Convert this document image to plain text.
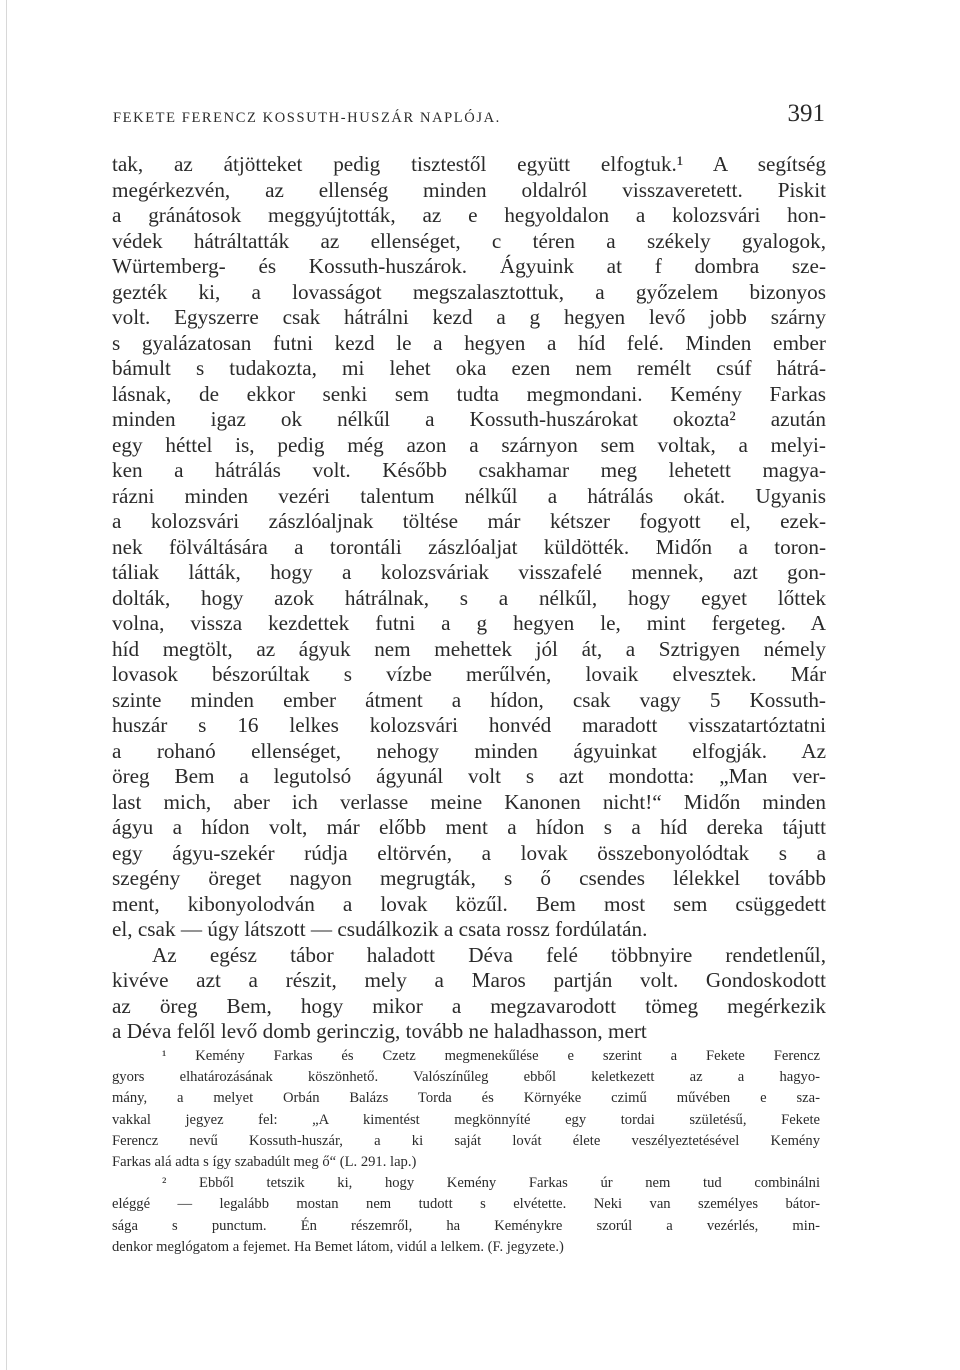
FEKETE FERENCZ KOSSUTH-HUSZÁR NAPLÓJA.	391
tak, az átjötteket pedig tisztestől együtt elfogtuk.¹ A segítség
megérkezvén, az ellenség minden oldalról visszaveretett. Piskit
a gránátosok meggyújtották, az e hegyoldalon a kolozsvári hon-
védek hátráltatták az ellenséget, c téren a székely gyalogok,
Würtemberg- és Kossuth-huszárok. Ágyuink at f dombra sze-
gezték ki, a lovasságot megszalasztottuk, a győzelem bizonyos
volt. Egyszerre csak hátrálni kezd a g hegyen levő jobb szárny
s gyalázatosan futni kezd le a hegyen a híd felé. Minden ember
bámult s tudakozta, mi lehet oka ezen nem remélt csúf hátrá-
lásnak, de ekkor senki sem tudta megmondani. Kemény Farkas
minden igaz ok nélkűl a Kossuth-huszárokat okozta² azután
egy héttel is, pedig még azon a szárnyon sem voltak, a melyi-
ken a hátrálás volt. Később csakhamar meg lehetett magya-
rázni minden vezéri talentum nélkűl a hátrálás okát. Ugyanis
a kolozsvári zászlóaljnak töltése már kétszer fogyott el, ezek-
nek fölváltására a torontáli zászlóaljat küldötték. Midőn a toron-
táliak látták, hogy a kolozsváriak visszafelé mennek, azt gon-
dolták, hogy azok hátrálnak, s a nélkűl, hogy egyet lőttek
volna, vissza kezdettek futni a g hegyen le, mint fergeteg. A
híd megtölt, az ágyuk nem mehettek jól át, a Sztrigyen némely
lovasok bészorúltak s vízbe merűlvén, lovaik elvesztek. Már
szinte minden ember átment a hídon, csak vagy 5 Kossuth-
huszár s 16 lelkes kolozsvári honvéd maradott visszatartóztatni
a rohanó ellenséget, nehogy minden ágyuinkat elfogják. Az
öreg Bem a legutolsó ágyunál volt s azt mondotta: „Man ver-
last mich, aber ich verlasse meine Kanonen nicht!“ Midőn minden
ágyu a hídon volt, már előbb ment a hídon s a híd dereka tájutt
egy ágyu-szekér rúdja eltörvén, a lovak összebonyolódtak s a
szegény öreget nagyon megrugták, s ő csendes lélekkel tovább
ment, kibonyolodván a lovak közűl. Bem most sem csüggedett
el, csak — úgy látszott — csudálkozik a csata rossz fordúlatán.
Az egész tábor haladott Déva felé többnyire rendetlenűl,
kivéve azt a részit, mely a Maros partján volt. Gondoskodott
az öreg Bem, hogy mikor a megzavarodott tömeg megérkezik
a Déva felől levő domb gerinczig, tovább ne haladhasson, mert
¹ Kemény Farkas és Czetz megmenekűlése e szerint a Fekete Ferencz
gyors elhatározásának köszönhető. Valószínűleg ebből keletkezett az a hagyo-
mány, a melyet Orbán Balázs Torda és Környéke czimű művében e sza-
vakkal jegyez fel: „A kimentést megkönnyíté egy tordai születésű, Fekete
Ferencz nevű Kossuth-huszár, a ki saját lovát élete veszélyeztetésével Kemény
Farkas alá adta s így szabadúlt meg ő“ (L. 291. lap.)
² Ebből tetszik ki, hogy Kemény Farkas úr nem tud combinálni
eléggé — legalább mostan nem tudott s elvétette. Neki van személyes bátor-
sága s punctum. Én részemről, ha Keménykre szorúl a vezérlés, min-
denkor meglógatom a fejemet. Ha Bemet látom, vidúl a lelkem. (F. jegyzete.)
